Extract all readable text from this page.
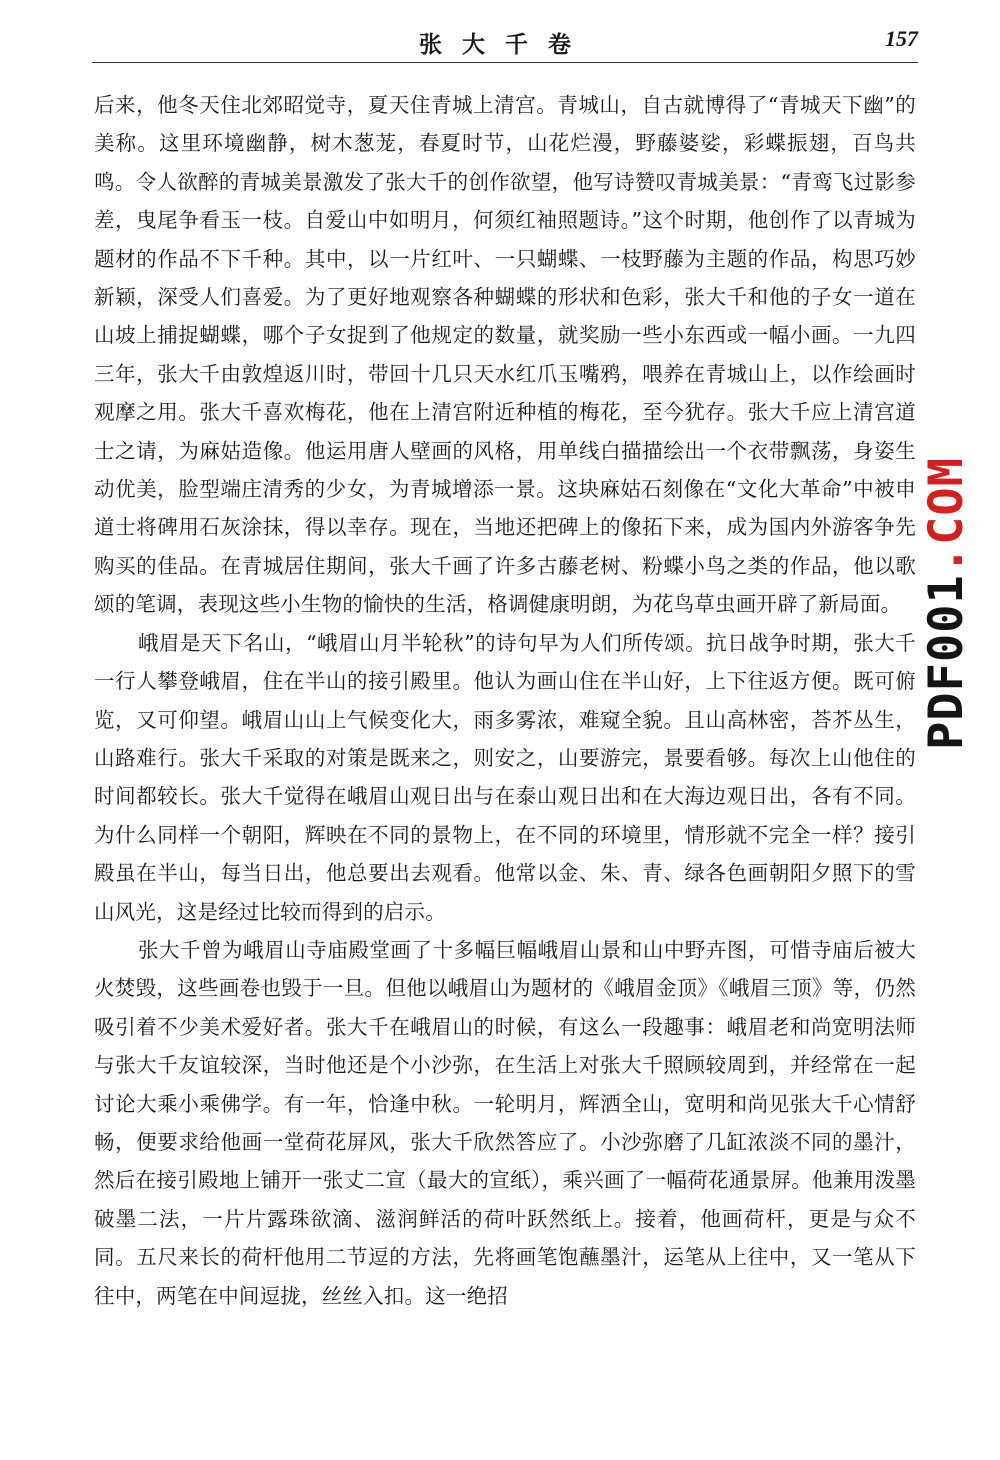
张大千卷	157

后来，他冬天住北郊昭觉寺，夏天住青城上清宫。青城山，自古就博得了“青城天下幽”的美称。这里环境幽静，树木葱茏，春夏时节，山花烂漫，野藤婆娑，彩蝶振翅，百鸟共鸣。令人欲醉的青城美景激发了张大千的创作欲望，他写诗赞叹青城美景：“青鸾飞过影参差，曳尾争看玉一枝。自爱山中如明月，何须红袖照题诗。”这个时期，他创作了以青城为题材的作品不下千种。其中，以一片红叶、一只蝴蝶、一枝野藤为主题的作品，构思巧妙新颖，深受人们喜爱。为了更好地观察各种蝴蝶的形状和色彩，张大千和他的子女一道在山坡上捕捉蝴蝶，哪个子女捉到了他规定的数量，就奖励一些小东西或一幅小画。一九四三年，张大千由敦煌返川时，带回十几只天水红爪玉嘴鸦，喂养在青城山上，以作绘画时观摩之用。张大千喜欢梅花，他在上清宫附近种植的梅花，至今犹存。张大千应上清宫道士之请，为麻姑造像。他运用唐人壁画的风格，用单线白描描绘出一个衣带飘荡，身姿生动优美，脸型端庄清秀的少女，为青城增添一景。这块麻姑石刻像在“文化大革命”中被申道士将碑用石灰涂抹，得以幸存。现在，当地还把碑上的像拓下来，成为国内外游客争先购买的佳品。在青城居住期间，张大千画了许多古藤老树、粉蝶小鸟之类的作品，他以歌颂的笔调，表现这些小生物的愉快的生活，格调健康明朗，为花鸟草虫画开辟了新局面。

峨眉是天下名山，“峨眉山月半轮秋”的诗句早为人们所传颂。抗日战争时期，张大千一行人攀登峨眉，住在半山的接引殿里。他认为画山住在半山好，上下往返方便。既可俯览，又可仰望。峨眉山山上气候变化大，雨多雾浓，难窥全貌。且山高林密，荅芥丛生，山路难行。张大千采取的对策是既来之，则安之，山要游完，景要看够。每次上山他住的时间都较长。张大千觉得在峨眉山观日出与在泰山观日出和在大海边观日出，各有不同。为什么同样一个朝阳，辉映在不同的景物上，在不同的环境里，情形就不完全一样？接引殿虽在半山，每当日出，他总要出去观看。他常以金、朱、青、绿各色画朝阳夕照下的雪山风光，这是经过比较而得到的启示。

张大千曾为峨眉山寺庙殿堂画了十多幅巨幅峨眉山景和山中野卉图，可惜寺庙后被大火焚毁，这些画卷也毁于一旦。但他以峨眉山为题材的《峨眉金顶》《峨眉三顶》等，仍然吸引着不少美术爱好者。张大千在峨眉山的时候，有这么一段趣事：峨眉老和尚宽明法师与张大千友谊较深，当时他还是个小沙弥，在生活上对张大千照顾较周到，并经常在一起讨论大乘小乘佛学。有一年，恰逢中秋。一轮明月，辉洒全山，宽明和尚见张大千心情舒畅，便要求给他画一堂荷花屏风，张大千欣然答应了。小沙弥磨了几缸浓淡不同的墨汁，然后在接引殿地上铺开一张丈二宣（最大的宣纸），乘兴画了一幅荷花通景屏。他兼用泼墨破墨二法，一片片露珠欲滴、滋润鲜活的荷叶跃然纸上。接着，他画荷杆，更是与众不同。五尺来长的荷杆他用二节逗的方法，先将画笔饱蘸墨汁，运笔从上往中，又一笔从下往中，两笔在中间逗拢，丝丝入扣。这一绝招

PDF001.COM
